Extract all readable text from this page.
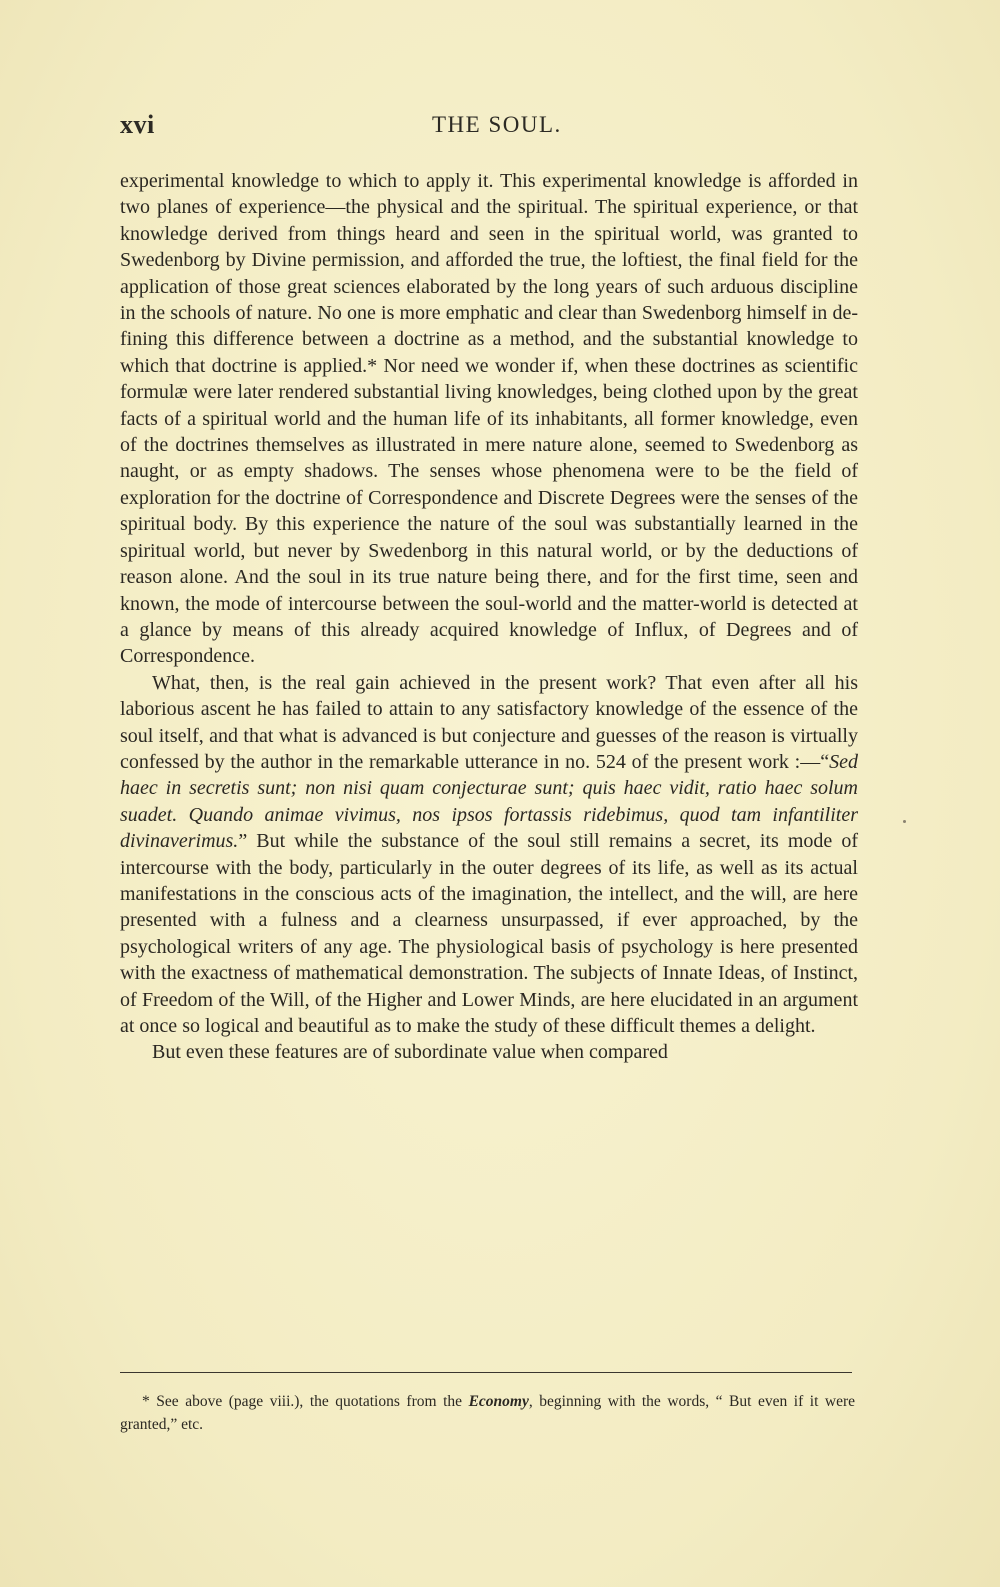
xvi	THE SOUL.

experimental knowledge to which to apply it. This experimental knowledge is afforded in two planes of experience—the physical and the spiritual. The spiritual experience, or that knowledge derived from things heard and seen in the spiritual world, was granted to Swedenborg by Divine permission, and afforded the true, the loftiest, the final field for the application of those great sciences elaborated by the long years of such arduous discipline in the schools of nature. No one is more emphatic and clear than Swedenborg himself in defining this difference between a doctrine as a method, and the substantial knowledge to which that doctrine is applied.* Nor need we wonder if, when these doctrines as scientific formulæ were later rendered substantial living knowledges, being clothed upon by the great facts of a spiritual world and the human life of its inhabitants, all former knowledge, even of the doctrines themselves as illustrated in mere nature alone, seemed to Swedenborg as naught, or as empty shadows. The senses whose phenomena were to be the field of exploration for the doctrine of Correspondence and Discrete Degrees were the senses of the spiritual body. By this experience the nature of the soul was substantially learned in the spiritual world, but never by Swedenborg in this natural world, or by the deductions of reason alone. And the soul in its true nature being there, and for the first time, seen and known, the mode of intercourse between the soul-world and the matter-world is detected at a glance by means of this already acquired knowledge of Influx, of Degrees and of Correspondence.

What, then, is the real gain achieved in the present work? That even after all his laborious ascent he has failed to attain to any satisfactory knowledge of the essence of the soul itself, and that what is advanced is but conjecture and guesses of the reason is virtually confessed by the author in the remarkable utterance in no. 524 of the present work :—“Sed haec in secretis sunt; non nisi quam conjecturae sunt; quis haec vidit, ratio haec solum suadet. Quando animae vivimus, nos ipsos fortassis ridebimus, quod tam infantiliter divinaverimus.” But while the substance of the soul still remains a secret, its mode of intercourse with the body, particularly in the outer degrees of its life, as well as its actual manifestations in the conscious acts of the imagination, the intellect, and the will, are here presented with a fulness and a clearness unsurpassed, if ever approached, by the psychological writers of any age. The physiological basis of psychology is here presented with the exactness of mathematical demonstration. The subjects of Innate Ideas, of Instinct, of Freedom of the Will, of the Higher and Lower Minds, are here elucidated in an argument at once so logical and beautiful as to make the study of these difficult themes a delight.

But even these features are of subordinate value when compared

* See above (page viii.), the quotations from the Economy, beginning with the words, “ But even if it were granted,” etc.
